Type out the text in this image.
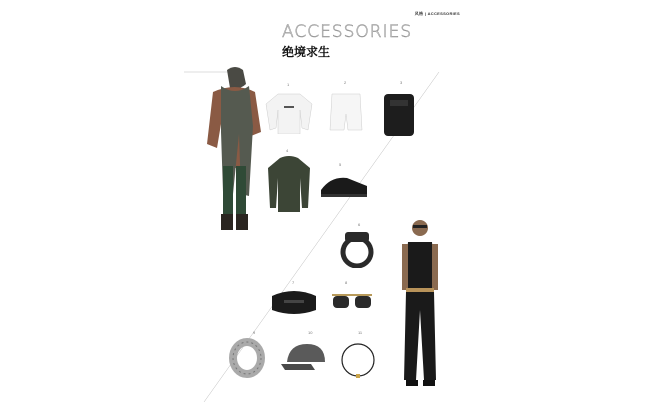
风格 | ACCESSORIES
ACCESSORIES
绝境求生
1	2	3
4
5
6
7	8
9	10	11
